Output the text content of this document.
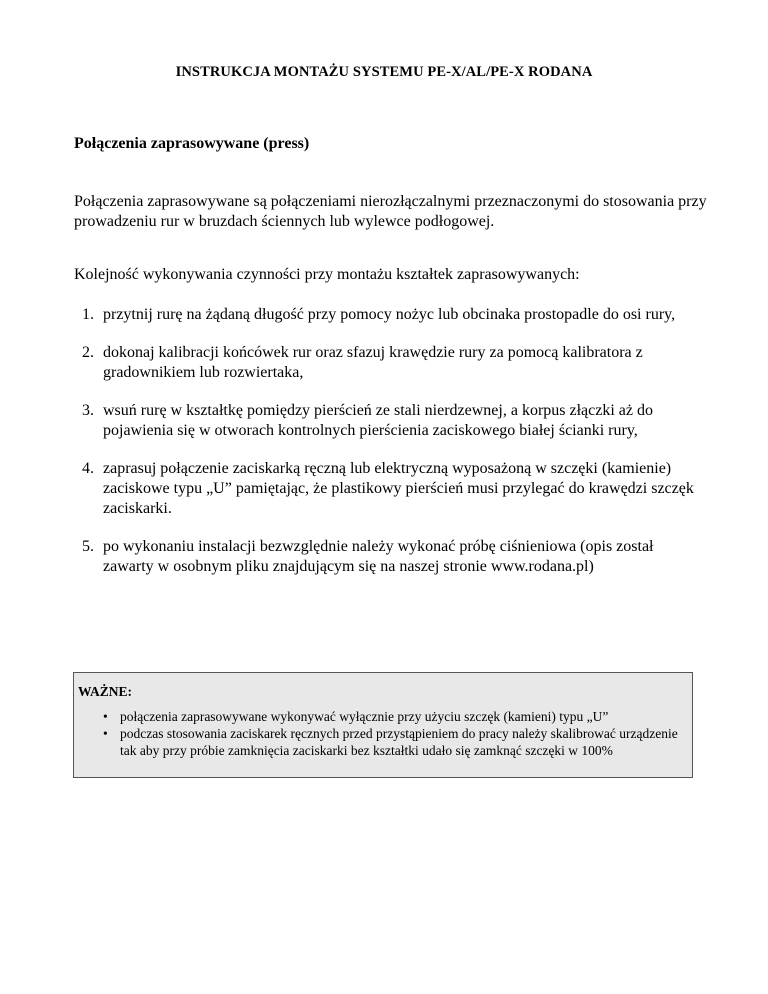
INSTRUKCJA MONTAŻU SYSTEMU PE-X/AL/PE-X RODANA
Połączenia zaprasowywane (press)

Połączenia zaprasowywane są połączeniami nierozłączalnymi przeznaczonymi do stosowania przy prowadzeniu rur w bruzdach ściennych lub wylewce podłogowej.

Kolejność wykonywania czynności przy montażu kształtek zaprasowywanych:

1. przytnij rurę na żądaną długość przy pomocy nożyc lub obcinaka prostopadle do osi rury,
2. dokonaj kalibracji końcówek rur oraz sfazuj krawędzie rury za pomocą kalibratora z gradownikiem lub rozwiertaka,
3. wsuń rurę w kształtkę pomiędzy pierścień ze stali nierdzewnej, a korpus złączki aż do pojawienia się w otworach kontrolnych pierścienia zaciskowego białej ścianki rury,
4. zaprasuj połączenie zaciskarką ręczną lub elektryczną wyposażoną w szczęki (kamienie) zaciskowe typu „U” pamiętając, że plastikowy pierścień musi przylegać do krawędzi szczęk zaciskarki.
5. po wykonaniu instalacji bezwzględnie należy wykonać próbę ciśnieniowa (opis został zawarty w osobnym pliku znajdującym się na naszej stronie www.rodana.pl)
WAŻNE:
• połączenia zaprasowywane wykonywać wyłącznie przy użyciu szczęk (kamieni) typu „U”
• podczas stosowania zaciskarek ręcznych przed przystąpieniem do pracy należy skalibrować urządzenie tak aby przy próbie zamknięcia zaciskarki bez kształtki udało się zamknąć szczęki w 100%
